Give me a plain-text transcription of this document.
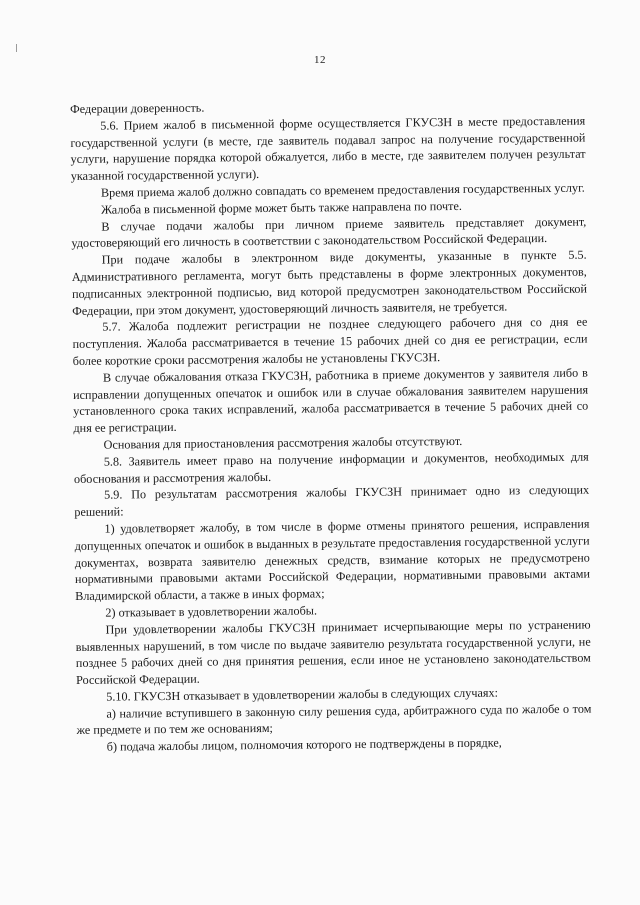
12

Федерации доверенность.

5.6. Прием жалоб в письменной форме осуществляется ГКУСЗН в месте предоставления государственной услуги (в месте, где заявитель подавал запрос на получение государственной услуги, нарушение порядка которой обжалуется, либо в месте, где заявителем получен результат указанной государственной услуги).

Время приема жалоб должно совпадать со временем предоставления государственных услуг.

Жалоба в письменной форме может быть также направлена по почте.

В случае подачи жалобы при личном приеме заявитель представляет документ, удостоверяющий его личность в соответствии с законодательством Российской Федерации.

При подаче жалобы в электронном виде документы, указанные в пункте 5.5. Административного регламента, могут быть представлены в форме электронных документов, подписанных электронной подписью, вид которой предусмотрен законодательством Российской Федерации, при этом документ, удостоверяющий личность заявителя, не требуется.

5.7. Жалоба подлежит регистрации не позднее следующего рабочего дня со дня ее поступления. Жалоба рассматривается в течение 15 рабочих дней со дня ее регистрации, если более короткие сроки рассмотрения жалобы не установлены ГКУСЗН.

В случае обжалования отказа ГКУСЗН, работника в приеме документов у заявителя либо в исправлении допущенных опечаток и ошибок или в случае обжалования заявителем нарушения установленного срока таких исправлений, жалоба рассматривается в течение 5 рабочих дней со дня ее регистрации.

Основания для приостановления рассмотрения жалобы отсутствуют.

5.8. Заявитель имеет право на получение информации и документов, необходимых для обоснования и рассмотрения жалобы.

5.9. По результатам рассмотрения жалобы ГКУСЗН принимает одно из следующих решений:

1) удовлетворяет жалобу, в том числе в форме отмены принятого решения, исправления допущенных опечаток и ошибок в выданных в результате предоставления государственной услуги документах, возврата заявителю денежных средств, взимание которых не предусмотрено нормативными правовыми актами Российской Федерации, нормативными правовыми актами Владимирской области, а также в иных формах;

2) отказывает в удовлетворении жалобы.

При удовлетворении жалобы ГКУСЗН принимает исчерпывающие меры по устранению выявленных нарушений, в том числе по выдаче заявителю результата государственной услуги, не позднее 5 рабочих дней со дня принятия решения, если иное не установлено законодательством Российской Федерации.

5.10. ГКУСЗН отказывает в удовлетворении жалобы в следующих случаях:

а) наличие вступившего в законную силу решения суда, арбитражного суда по жалобе о том же предмете и по тем же основаниям;

б) подача жалобы лицом, полномочия которого не подтверждены в порядке,
